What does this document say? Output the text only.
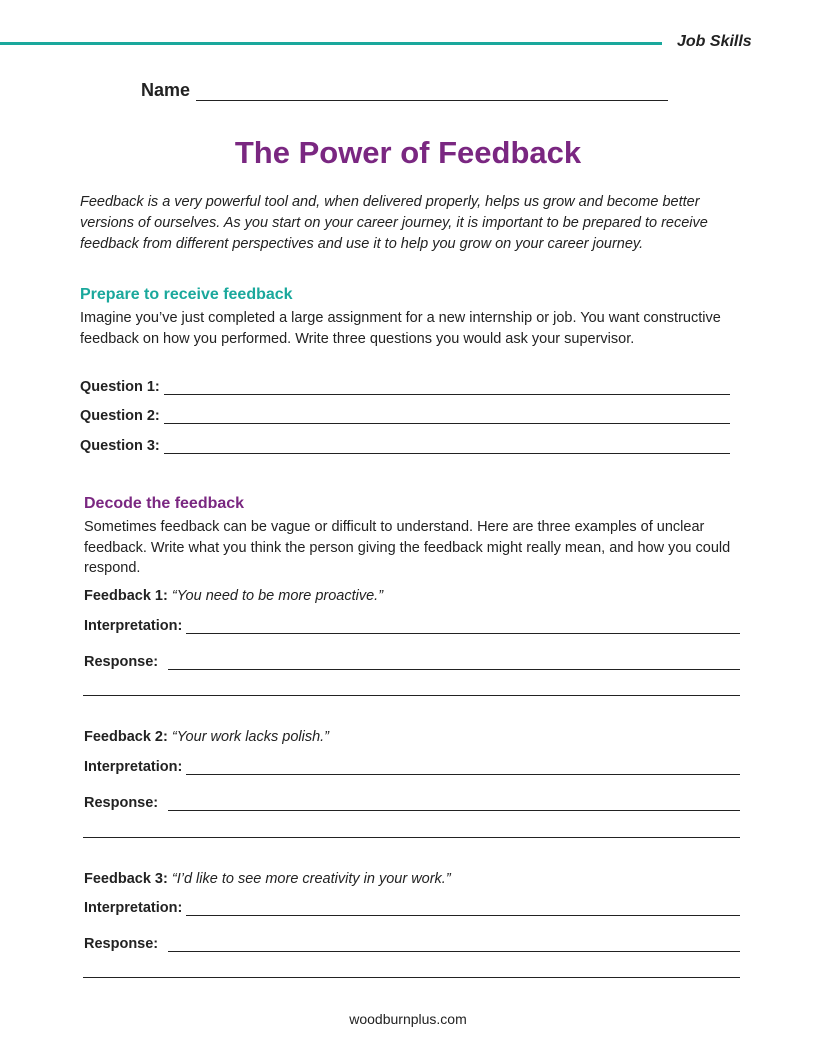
Job Skills
Name
The Power of Feedback
Feedback is a very powerful tool and, when delivered properly, helps us grow and become better versions of ourselves. As you start on your career journey, it is important to be prepared to receive feedback from different perspectives and use it to help you grow on your career journey.
Prepare to receive feedback
Imagine you’ve just completed a large assignment for a new internship or job. You want constructive feedback on how you performed. Write three questions you would ask your supervisor.
Question 1:
Question 2:
Question 3:
Decode the feedback
Sometimes feedback can be vague or difficult to understand. Here are three examples of unclear feedback. Write what you think the person giving the feedback might really mean, and how you could respond.
Feedback 1: “You need to be more proactive.”
Interpretation:
Response:
Feedback 2: “Your work lacks polish.”
Interpretation:
Response:
Feedback 3: “I’d like to see more creativity in your work.”
Interpretation:
Response:
woodburnplus.com
